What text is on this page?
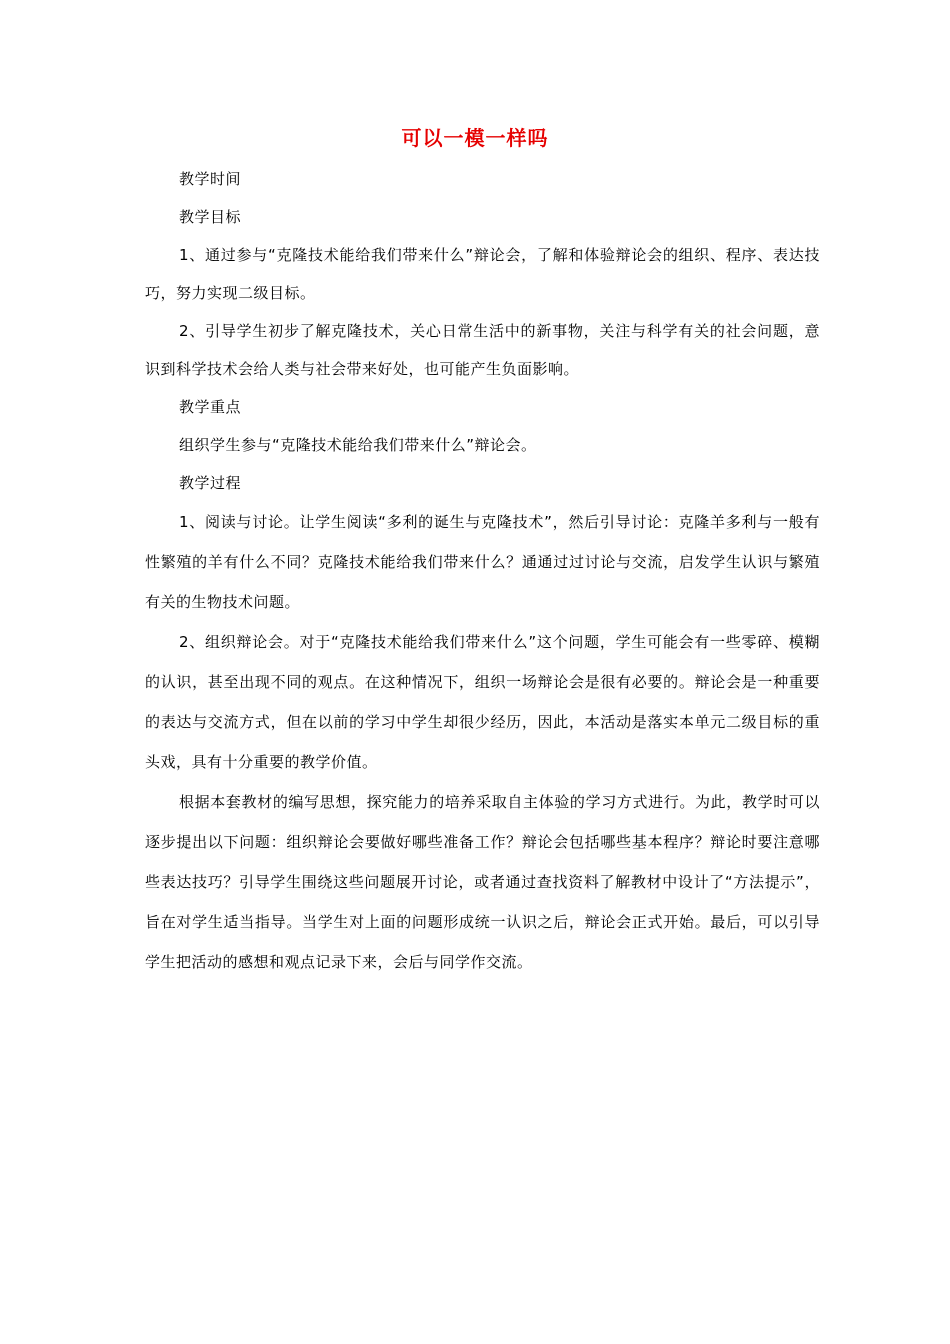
可以一模一样吗

教学时间

教学目标

1、通过参与“克隆技术能给我们带来什么”辩论会，了解和体验辩论会的组织、程序、表达技巧，努力实现二级目标。

2、引导学生初步了解克隆技术，关心日常生活中的新事物，关注与科学有关的社会问题，意识到科学技术会给人类与社会带来好处，也可能产生负面影响。

教学重点

组织学生参与“克隆技术能给我们带来什么”辩论会。

教学过程

1、阅读与讨论。让学生阅读“多利的诞生与克隆技术”，然后引导讨论：克隆羊多利与一般有性繁殖的羊有什么不同？克隆技术能给我们带来什么？通通过过讨论与交流，启发学生认识与繁殖有关的生物技术问题。

2、组织辩论会。对于“克隆技术能给我们带来什么”这个问题，学生可能会有一些零碎、模糊的认识，甚至出现不同的观点。在这种情况下，组织一场辩论会是很有必要的。辩论会是一种重要的表达与交流方式，但在以前的学习中学生却很少经历，因此，本活动是落实本单元二级目标的重头戏，具有十分重要的教学价值。

根据本套教材的编写思想，探究能力的培养采取自主体验的学习方式进行。为此，教学时可以逐步提出以下问题：组织辩论会要做好哪些准备工作？辩论会包括哪些基本程序？辩论时要注意哪些表达技巧？引导学生围绕这些问题展开讨论，或者通过查找资料了解教材中设计了“方法提示”，旨在对学生适当指导。当学生对上面的问题形成统一认识之后，辩论会正式开始。最后，可以引导学生把活动的感想和观点记录下来，会后与同学作交流。
